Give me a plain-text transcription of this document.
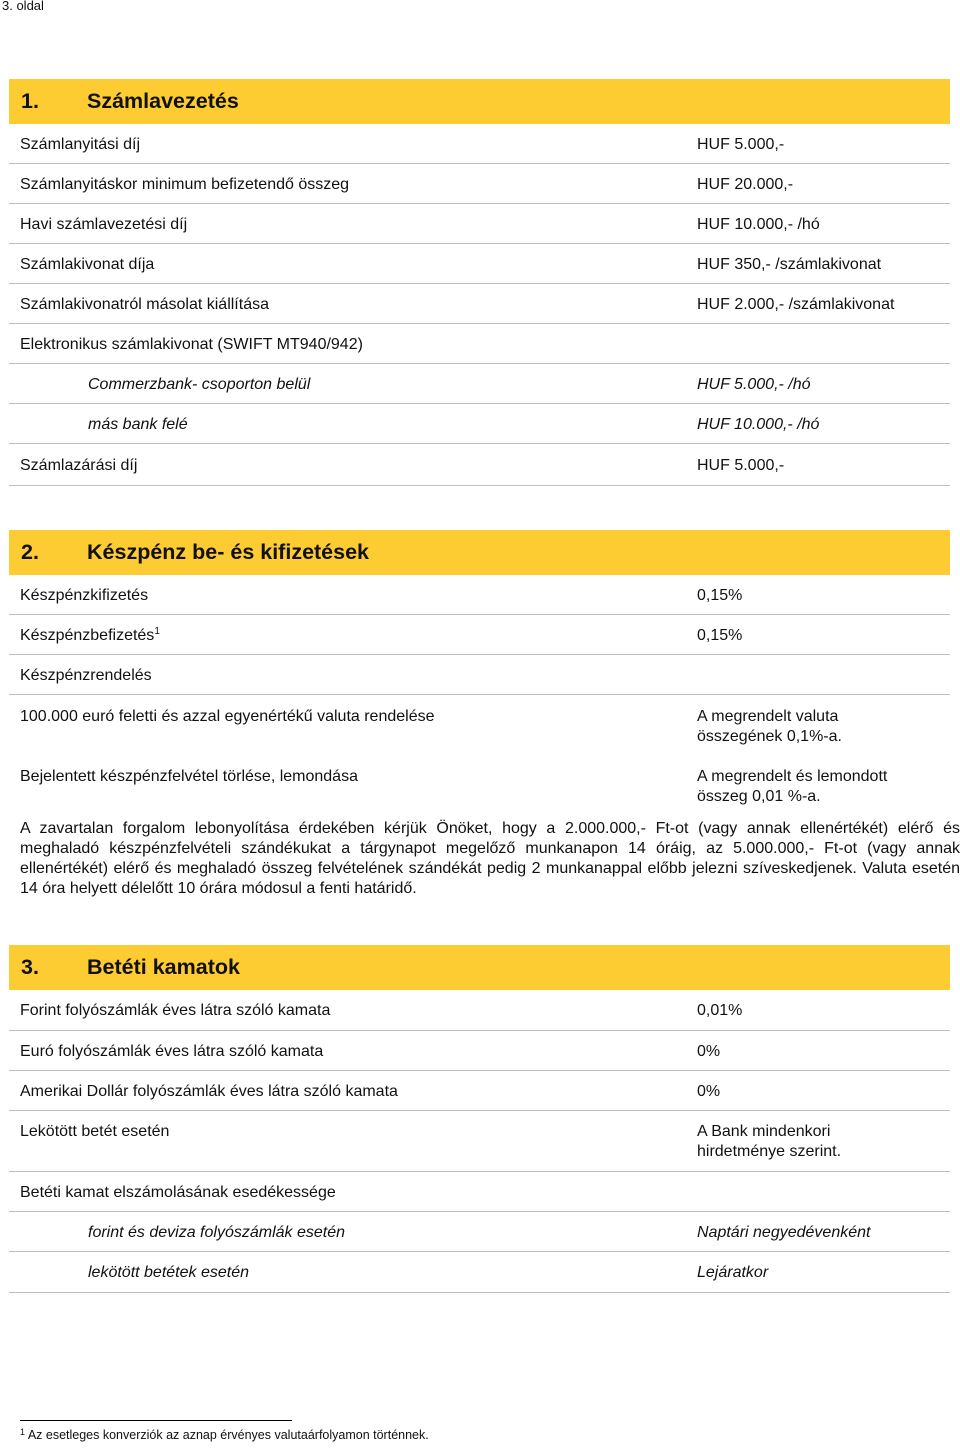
3. oldal
1. Számlavezetés
Számlanyitási díj	HUF 5.000,-
Számlanyitáskor minimum befizetendő összeg	HUF 20.000,-
Havi számlavezetési díj	HUF 10.000,- /hó
Számlakivonat díja	HUF 350,- /számlakivonat
Számlakivonatról másolat kiállítása	HUF 2.000,- /számlakivonat
Elektronikus számlakivonat (SWIFT MT940/942)
Commerzbank- csoporton belül	HUF 5.000,- /hó
más bank felé	HUF 10.000,- /hó
Számlazárási díj	HUF 5.000,-
2. Készpénz be- és kifizetések
Készpénzkifizetés	0,15%
Készpénzbefizetés$^1$	0,15%
Készpénzrendelés
100.000 euró feletti és azzal egyenértékű valuta rendelése	A megrendelt valuta
összegének 0,1%-a.
Bejelentett készpénzfelvétel törlése, lemondása	A megrendelt és lemondott
összeg 0,01 %-a.
A zavartalan forgalom lebonyolítása érdekében kérjük Önöket, hogy a 2.000.000,- Ft-ot (vagy annak ellenértékét) elérő és meghaladó készpénzfelvételi szándékukat a tárgynapot megelőző munkanapon 14 óráig, az 5.000.000,- Ft-ot (vagy annak ellenértékét) elérő és meghaladó összeg felvételének szándékát pedig 2 munkanappal előbb jelezni szíveskedjenek. Valuta esetén 14 óra helyett délelőtt 10 órára módosul a fenti határidő.
3. Betéti kamatok
Forint folyószámlák éves látra szóló kamata	0,01%
Euró folyószámlák éves látra szóló kamata	0%
Amerikai Dollár folyószámlák éves látra szóló kamata	0%
Lekötött betét esetén	A Bank mindenkori
hirdetménye szerint.
Betéti kamat elszámolásának esedékessége
forint és deviza folyószámlák esetén	Naptári negyedévenként
lekötött betétek esetén	Lejáratkor
$^1$ Az esetleges konverziók az aznap érvényes valutaárfolyamon történnek.
